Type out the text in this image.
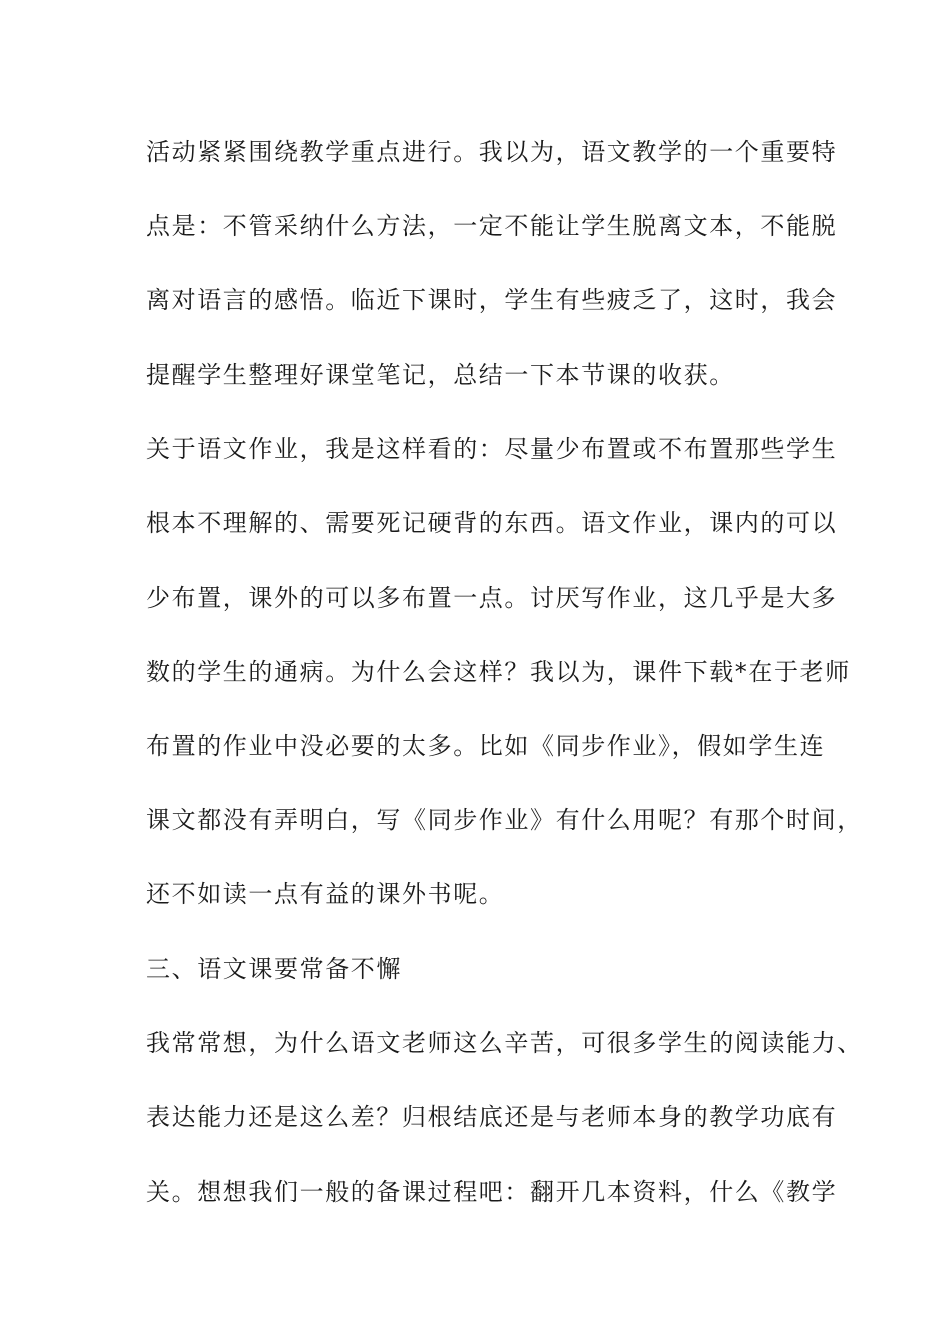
活动紧紧围绕教学重点进行。我以为，语文教学的一个重要特
点是：不管采纳什么方法，一定不能让学生脱离文本，不能脱
离对语言的感悟。临近下课时，学生有些疲乏了，这时，我会
提醒学生整理好课堂笔记，总结一下本节课的收获。
关于语文作业，我是这样看的：尽量少布置或不布置那些学生
根本不理解的、需要死记硬背的东西。语文作业，课内的可以
少布置，课外的可以多布置一点。讨厌写作业，这几乎是大多
数的学生的通病。为什么会这样？我以为，课件下载*在于老师
布置的作业中没必要的太多。比如《同步作业》，假如学生连
课文都没有弄明白，写《同步作业》有什么用呢？有那个时间，
还不如读一点有益的课外书呢。
三、语文课要常备不懈
我常常想，为什么语文老师这么辛苦，可很多学生的阅读能力、
表达能力还是这么差？归根结底还是与老师本身的教学功底有
关。想想我们一般的备课过程吧：翻开几本资料，什么《教学
